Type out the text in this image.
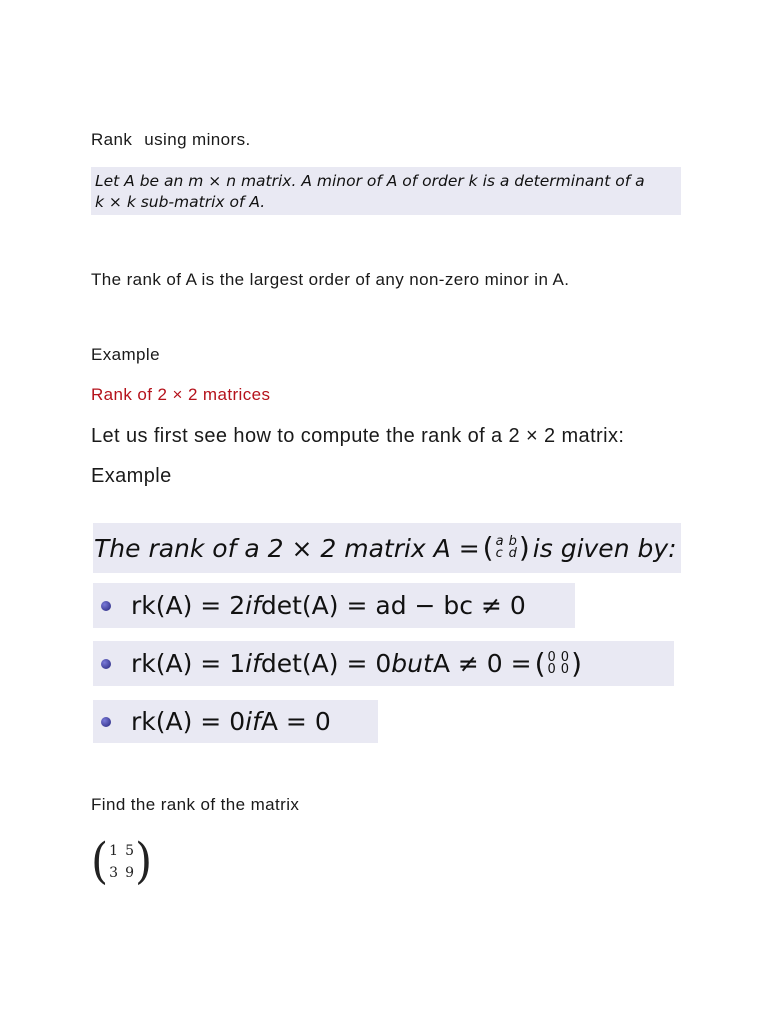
Rank using minors.
Let A be an m × n matrix. A minor of A of order k is a determinant of a
k × k sub-matrix of A.
The rank of A is the largest order of any non-zero minor in A.
Example
Rank of 2 × 2 matrices
Let us first see how to compute the rank of a 2 × 2 matrix:
Example
The rank of a 2 × 2 matrix A = ( a b
c d ) is given by:
rk(A) = 2 if det(A) = ad − bc ≠ 0
rk(A) = 1 if det(A) = 0 but A ≠ 0 = ( 0 0
0 0 )
rk(A) = 0 if A = 0
Find the rank of the matrix
( 1 5
3 9 )
